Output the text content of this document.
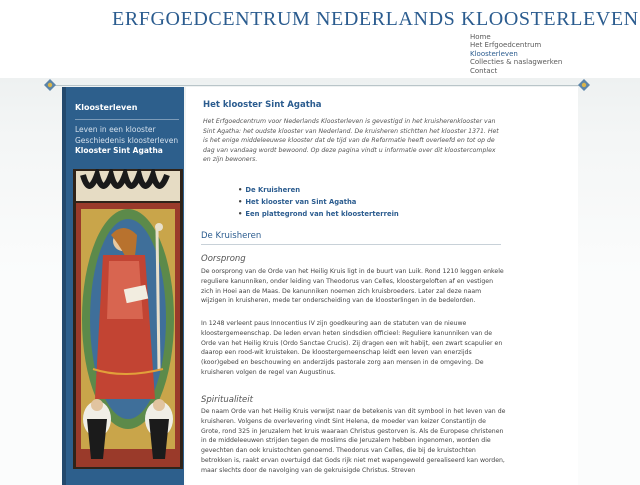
ERFGOEDCENTRUM NEDERLANDS KLOOSTERLEVEN
Home
Het Erfgoedcentrum
Kloosterleven
Collecties & naslagwerken
Contact
Kloosterleven
Leven in een klooster
Geschiedenis kloosterleven
Klooster Sint Agatha
Het klooster Sint Agatha
Het Erfgoedcentrum voor Nederlands Kloosterleven is gevestigd in het kruisherenklooster van Sint Agatha: het oudste klooster van Nederland. De kruisheren stichtten het klooster 1371. Het is het enige middeleeuwse klooster dat de tijd van de Reformatie heeft overleefd en tot op de dag van vandaag wordt bewoond. Op deze pagina vindt u informatie over dit kloostercomplex en zijn bewoners.
• De Kruisheren
• Het klooster van Sint Agatha
• Een plattegrond van het kloosterterrein
De Kruisheren
Oorsprong
De oorsprong van de Orde van het Heilig Kruis ligt in de buurt van Luik. Rond 1210 leggen enkele reguliere kanunniken, onder leiding van Theodorus van Celles, kloostergeloften af en vestigen zich in Hoei aan de Maas. De kanunniken noemen zich kruisbroeders. Later zal deze naam wijzigen in kruisheren, mede ter onderscheiding van de kloosterlingen in de bedelorden.
In 1248 verleent paus Innocentius IV zijn goedkeuring aan de statuten van de nieuwe kloostergemeenschap. De leden ervan heten sindsdien officieel: Reguliere kanunniken van de Orde van het Heilig Kruis (Ordo Sanctae Crucis). Zij dragen een wit habijt, een zwart scapulier en daarop een rood-wit kruisteken. De kloostergemeenschap leidt een leven van enerzijds (koor)gebed en beschouwing en anderzijds pastorale zorg aan mensen in de omgeving. De kruisheren volgen de regel van Augustinus.
Spiritualiteit
De naam Orde van het Heilig Kruis verwijst naar de betekenis van dit symbool in het leven van de kruisheren. Volgens de overlevering vindt Sint Helena, de moeder van keizer Constantijn de Grote, rond 325 in Jeruzalem het kruis waaraan Christus gestorven is. Als de Europese christenen in de middeleeuwen strijden tegen de moslims die Jeruzalem hebben ingenomen, worden die gevechten dan ook kruistochten genoemd. Theodorus van Celles, die bij de kruistochten betrokken is, raakt ervan overtuigd dat Gods rijk niet met wapengeweld gerealiseerd kan worden, maar slechts door de navolging van de gekruisigde Christus. Streven
